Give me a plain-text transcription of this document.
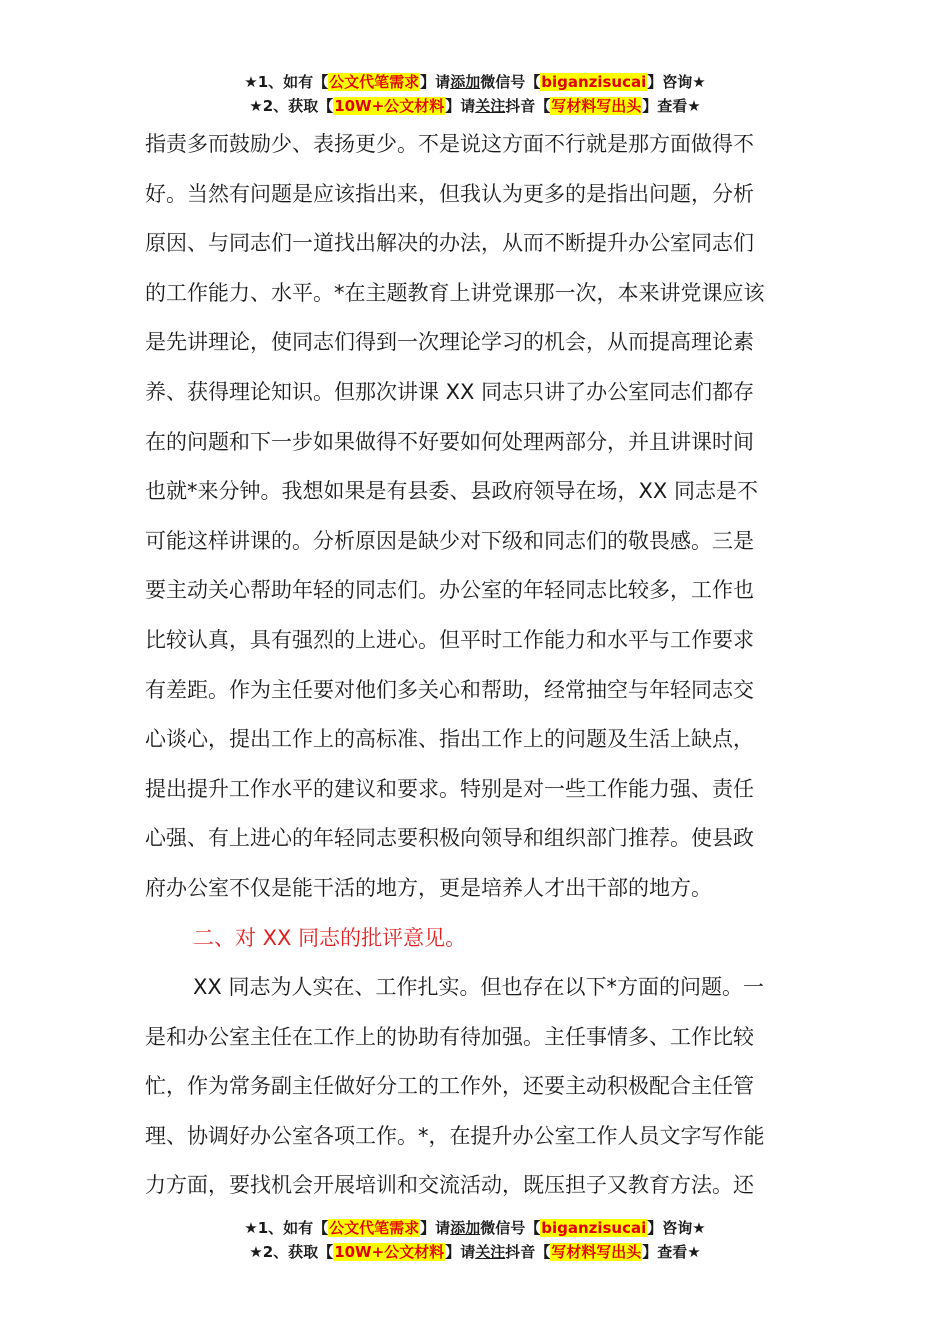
★1、如有【公文代笔需求】请添加微信号【biganzisucai】咨询★
★2、获取【10W+公文材料】请关注抖音【写材料写出头】查看★
指责多而鼓励少、表扬更少。不是说这方面不行就是那方面做得不
好。当然有问题是应该指出来，但我认为更多的是指出问题，分析
原因、与同志们一道找出解决的办法，从而不断提升办公室同志们
的工作能力、水平。*在主题教育上讲党课那一次，本来讲党课应该
是先讲理论，使同志们得到一次理论学习的机会，从而提高理论素
养、获得理论知识。但那次讲课 XX 同志只讲了办公室同志们都存
在的问题和下一步如果做得不好要如何处理两部分，并且讲课时间
也就*来分钟。我想如果是有县委、县政府领导在场，XX 同志是不
可能这样讲课的。分析原因是缺少对下级和同志们的敬畏感。三是
要主动关心帮助年轻的同志们。办公室的年轻同志比较多，工作也
比较认真，具有强烈的上进心。但平时工作能力和水平与工作要求
有差距。作为主任要对他们多关心和帮助，经常抽空与年轻同志交
心谈心，提出工作上的高标准、指出工作上的问题及生活上缺点，
提出提升工作水平的建议和要求。特别是对一些工作能力强、责任
心强、有上进心的年轻同志要积极向领导和组织部门推荐。使县政
府办公室不仅是能干活的地方，更是培养人才出干部的地方。
二、对 XX 同志的批评意见。
XX 同志为人实在、工作扎实。但也存在以下*方面的问题。一
是和办公室主任在工作上的协助有待加强。主任事情多、工作比较
忙，作为常务副主任做好分工的工作外，还要主动积极配合主任管
理、协调好办公室各项工作。*，在提升办公室工作人员文字写作能
力方面，要找机会开展培训和交流活动，既压担子又教育方法。还
★1、如有【公文代笔需求】请添加微信号【biganzisucai】咨询★
★2、获取【10W+公文材料】请关注抖音【写材料写出头】查看★
